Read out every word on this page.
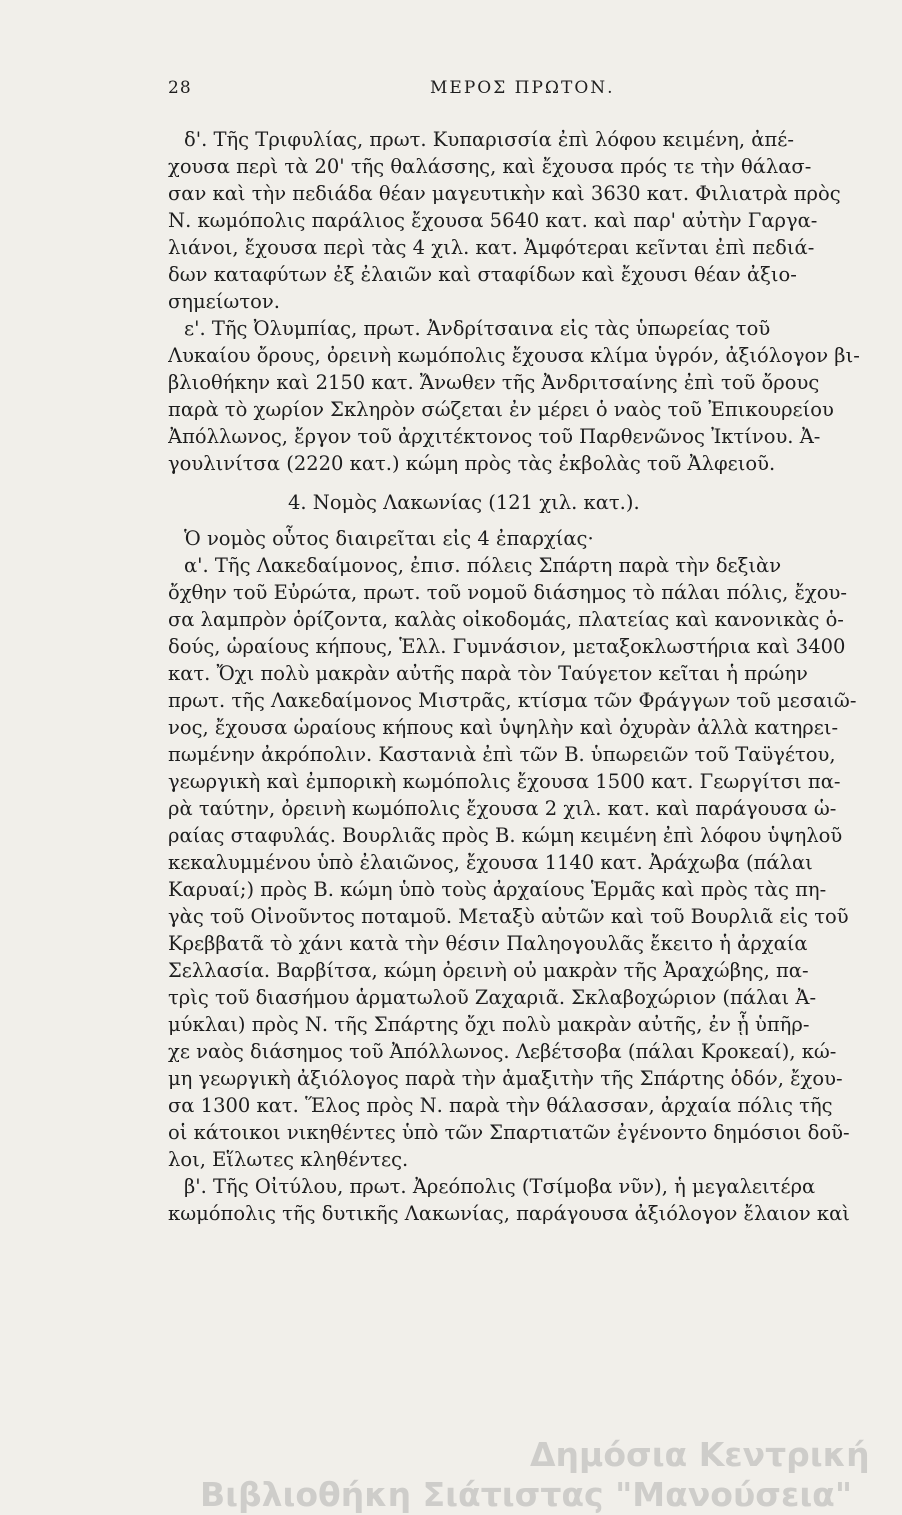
28	ΜΕΡΟΣ ΠΡΩΤΟΝ.
δ'. Τῆς Τριφυλίας, πρωτ. Κυπαρισσία ἐπὶ λόφου κειμένη, ἀπέ-
χουσα περὶ τὰ 20' τῆς θαλάσσης, καὶ ἔχουσα πρός τε τὴν θάλασ-
σαν καὶ τὴν πεδιάδα θέαν μαγευτικὴν καὶ 3630 κατ. Φιλιατρὰ πρὸς
Ν. κωμόπολις παράλιος ἔχουσα 5640 κατ. καὶ παρ' αὐτὴν Γαργα-
λιάνοι, ἔχουσα περὶ τὰς 4 χιλ. κατ. Ἀμφότεραι κεῖνται ἐπὶ πεδιά-
δων καταφύτων ἐξ ἐλαιῶν καὶ σταφίδων καὶ ἔχουσι θέαν ἀξιο-
σημείωτον.
ε'. Τῆς Ὀλυμπίας, πρωτ. Ἀνδρίτσαινα εἰς τὰς ὑπωρείας τοῦ
Λυκαίου ὄρους, ὀρεινὴ κωμόπολις ἔχουσα κλίμα ὑγρόν, ἀξιόλογον βι-
βλιοθήκην καὶ 2150 κατ. Ἄνωθεν τῆς Ἀνδριτσαίνης ἐπὶ τοῦ ὄρους
παρὰ τὸ χωρίον Σκληρὸν σώζεται ἐν μέρει ὁ ναὸς τοῦ Ἐπικουρείου
Ἀπόλλωνος, ἔργον τοῦ ἀρχιτέκτονος τοῦ Παρθενῶνος Ἰκτίνου. Ἀ-
γουλινίτσα (2220 κατ.) κώμη πρὸς τὰς ἐκβολὰς τοῦ Ἀλφειοῦ.
4. Νομὸς Λακωνίας (121 χιλ. κατ.).
Ὁ νομὸς οὗτος διαιρεῖται εἰς 4 ἐπαρχίας·
α'. Τῆς Λακεδαίμονος, ἐπισ. πόλεις Σπάρτη παρὰ τὴν δεξιὰν
ὄχθην τοῦ Εὐρώτα, πρωτ. τοῦ νομοῦ διάσημος τὸ πάλαι πόλις, ἔχου-
σα λαμπρὸν ὁρίζοντα, καλὰς οἰκοδομάς, πλατείας καὶ κανονικὰς ὁ-
δούς, ὡραίους κήπους, Ἑλλ. Γυμνάσιον, μεταξοκλωστήρια καὶ 3400
κατ. Ὄχι πολὺ μακρὰν αὐτῆς παρὰ τὸν Ταύγετον κεῖται ἡ πρώην
πρωτ. τῆς Λακεδαίμονος Μιστρᾶς, κτίσμα τῶν Φράγγων τοῦ μεσαιῶ-
νος, ἔχουσα ὡραίους κήπους καὶ ὑψηλὴν καὶ ὀχυρὰν ἀλλὰ κατηρει-
πωμένην ἀκρόπολιν. Καστανιὰ ἐπὶ τῶν Β. ὑπωρειῶν τοῦ Ταϋγέτου,
γεωργικὴ καὶ ἐμπορικὴ κωμόπολις ἔχουσα 1500 κατ. Γεωργίτσι πα-
ρὰ ταύτην, ὀρεινὴ κωμόπολις ἔχουσα 2 χιλ. κατ. καὶ παράγουσα ὡ-
ραίας σταφυλάς. Βουρλιᾶς πρὸς Β. κώμη κειμένη ἐπὶ λόφου ὑψηλοῦ
κεκαλυμμένου ὑπὸ ἐλαιῶνος, ἔχουσα 1140 κατ. Ἀράχωβα (πάλαι
Καρυαί;) πρὸς Β. κώμη ὑπὸ τοὺς ἀρχαίους Ἑρμᾶς καὶ πρὸς τὰς πη-
γὰς τοῦ Οἰνοῦντος ποταμοῦ. Μεταξὺ αὐτῶν καὶ τοῦ Βουρλιᾶ εἰς τοῦ
Κρεββατᾶ τὸ χάνι κατὰ τὴν θέσιν Παληογουλᾶς ἔκειτο ἡ ἀρχαία
Σελλασία. Βαρβίτσα, κώμη ὀρεινὴ οὐ μακρὰν τῆς Ἀραχώβης, πα-
τρὶς τοῦ διασήμου ἁρματωλοῦ Ζαχαριᾶ. Σκλαβοχώριον (πάλαι Ἀ-
μύκλαι) πρὸς Ν. τῆς Σπάρτης ὄχι πολὺ μακρὰν αὐτῆς, ἐν ᾗ ὑπῆρ-
χε ναὸς διάσημος τοῦ Ἀπόλλωνος. Λεβέτσοβα (πάλαι Κροκεαί), κώ-
μη γεωργικὴ ἀξιόλογος παρὰ τὴν ἁμαξιτὴν τῆς Σπάρτης ὁδόν, ἔχου-
σα 1300 κατ. Ἕλος πρὸς Ν. παρὰ τὴν θάλασσαν, ἀρχαία πόλις τῆς
οἱ κάτοικοι νικηθέντες ὑπὸ τῶν Σπαρτιατῶν ἐγένοντο δημόσιοι δοῦ-
λοι, Εἵλωτες κληθέντες.
β'. Τῆς Οἰτύλου, πρωτ. Ἀρεόπολις (Τσίμοβα νῦν), ἡ μεγαλειτέρα
κωμόπολις τῆς δυτικῆς Λακωνίας, παράγουσα ἀξιόλογον ἔλαιον καὶ
Δημόσια Κεντρική
Βιβλιοθήκη Σιάτιστας "Μανούσεια"
